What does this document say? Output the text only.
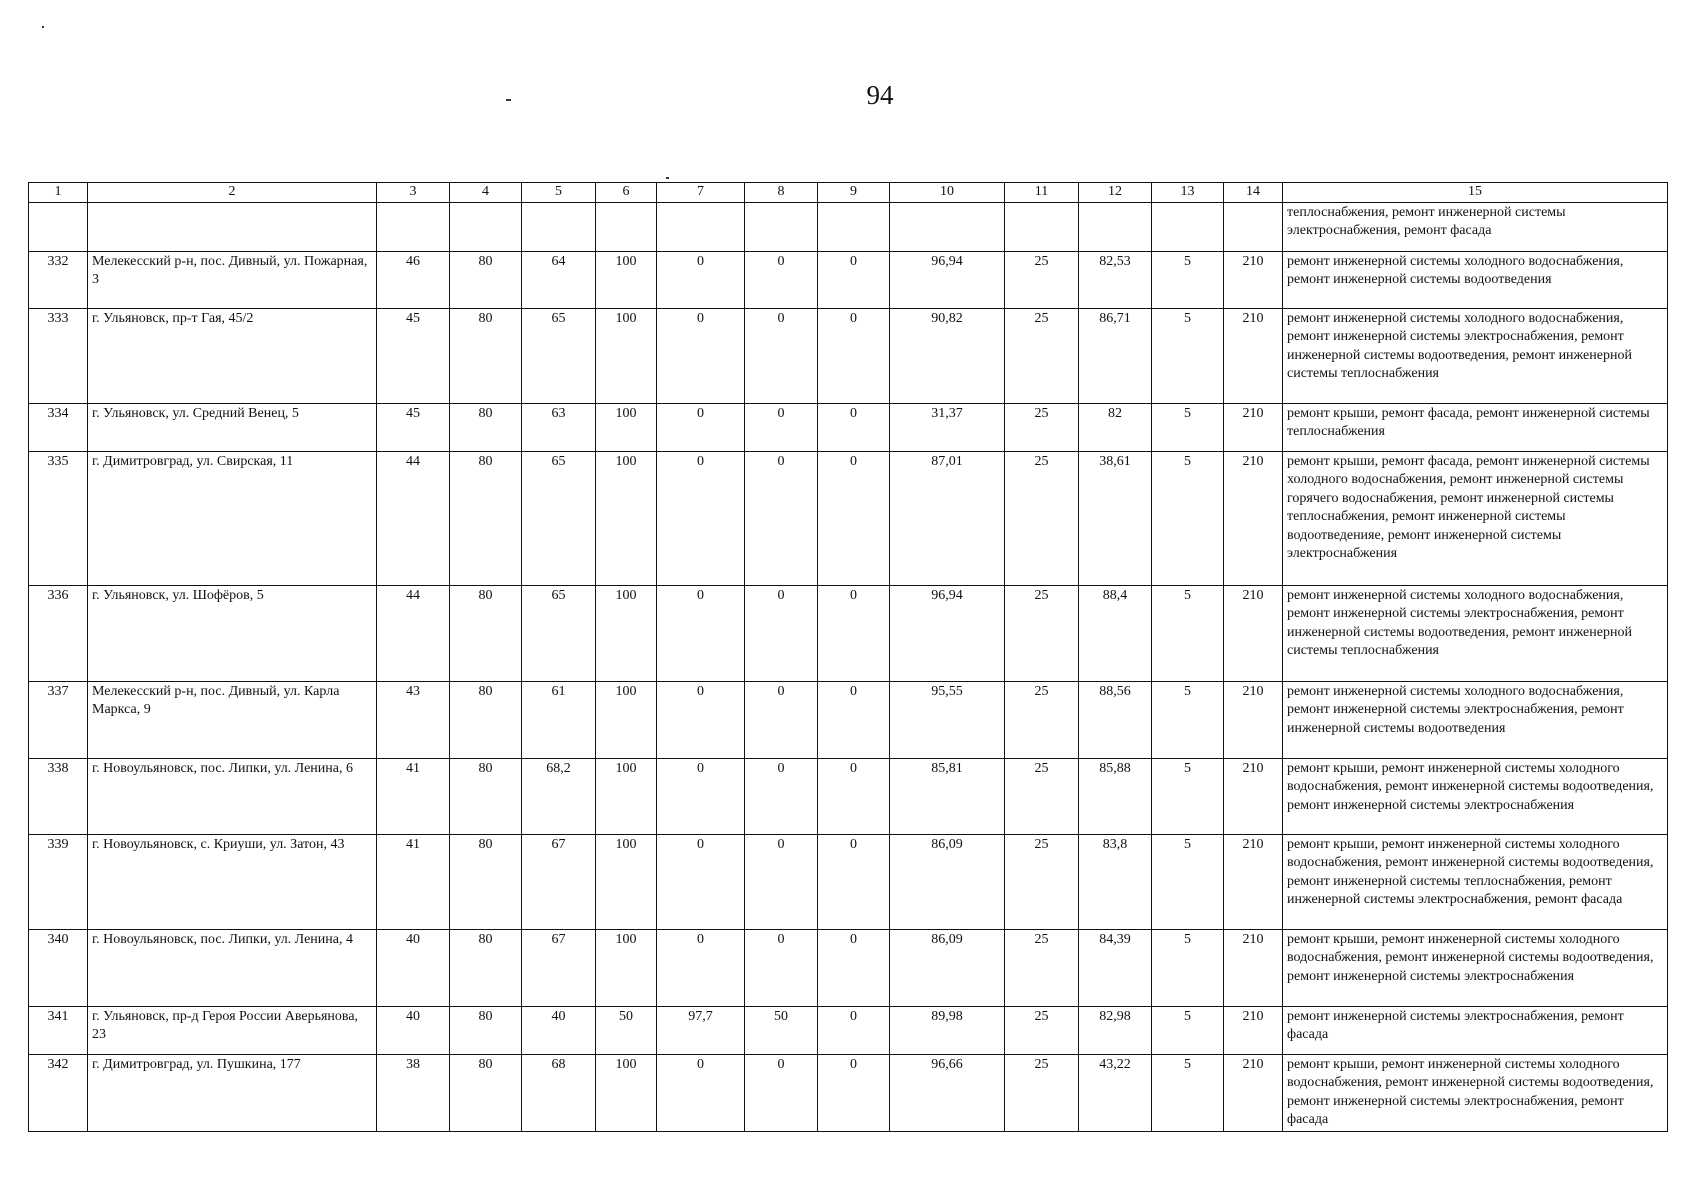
94
1	2	3	4	5	6	7	8	9	10	11	12	13	14	15
														теплоснабжения, ремонт инженерной системы электроснабжения, ремонт фасада
332	Мелекесский р-н, пос. Дивный, ул. Пожарная, 3	46	80	64	100	0	0	0	96,94	25	82,53	5	210	ремонт инженерной системы холодного водоснабжения, ремонт инженерной системы водоотведения
333	г. Ульяновск, пр-т Гая, 45/2	45	80	65	100	0	0	0	90,82	25	86,71	5	210	ремонт инженерной системы холодного водоснабжения, ремонт инженерной системы электроснабжения, ремонт инженерной системы водоотведения, ремонт инженерной системы теплоснабжения
334	г. Ульяновск, ул. Средний Венец, 5	45	80	63	100	0	0	0	31,37	25	82	5	210	ремонт крыши, ремонт фасада, ремонт инженерной системы теплоснабжения
335	г. Димитровград, ул. Свирская, 11	44	80	65	100	0	0	0	87,01	25	38,61	5	210	ремонт крыши, ремонт фасада, ремонт инженерной системы холодного водоснабжения, ремонт инженерной системы горячего водоснабжения, ремонт инженерной системы теплоснабжения, ремонт инженерной системы водоотведенияе, ремонт инженерной системы электроснабжения
336	г. Ульяновск, ул. Шофёров, 5	44	80	65	100	0	0	0	96,94	25	88,4	5	210	ремонт инженерной системы холодного водоснабжения, ремонт инженерной системы электроснабжения, ремонт инженерной системы водоотведения, ремонт инженерной системы теплоснабжения
337	Мелекесский р-н, пос. Дивный, ул. Карла Маркса, 9	43	80	61	100	0	0	0	95,55	25	88,56	5	210	ремонт инженерной системы холодного водоснабжения, ремонт инженерной системы электроснабжения, ремонт инженерной системы водоотведения
338	г. Новоульяновск, пос. Липки, ул. Ленина, 6	41	80	68,2	100	0	0	0	85,81	25	85,88	5	210	ремонт крыши, ремонт инженерной системы холодного водоснабжения, ремонт инженерной системы водоотведения, ремонт инженерной системы электроснабжения
339	г. Новоульяновск, с. Криуши, ул. Затон, 43	41	80	67	100	0	0	0	86,09	25	83,8	5	210	ремонт крыши, ремонт инженерной системы холодного водоснабжения, ремонт инженерной системы водоотведения, ремонт инженерной системы теплоснабжения, ремонт инженерной системы электроснабжения, ремонт фасада
340	г. Новоульяновск, пос. Липки, ул. Ленина, 4	40	80	67	100	0	0	0	86,09	25	84,39	5	210	ремонт крыши, ремонт инженерной системы холодного водоснабжения, ремонт инженерной системы водоотведения, ремонт инженерной системы электроснабжения
341	г. Ульяновск, пр-д Героя России Аверьянова, 23	40	80	40	50	97,7	50	0	89,98	25	82,98	5	210	ремонт инженерной системы электроснабжения, ремонт фасада
342	г. Димитровград, ул. Пушкина, 177	38	80	68	100	0	0	0	96,66	25	43,22	5	210	ремонт крыши, ремонт инженерной системы холодного водоснабжения, ремонт инженерной системы водоотведения, ремонт инженерной системы электроснабжения, ремонт фасада
